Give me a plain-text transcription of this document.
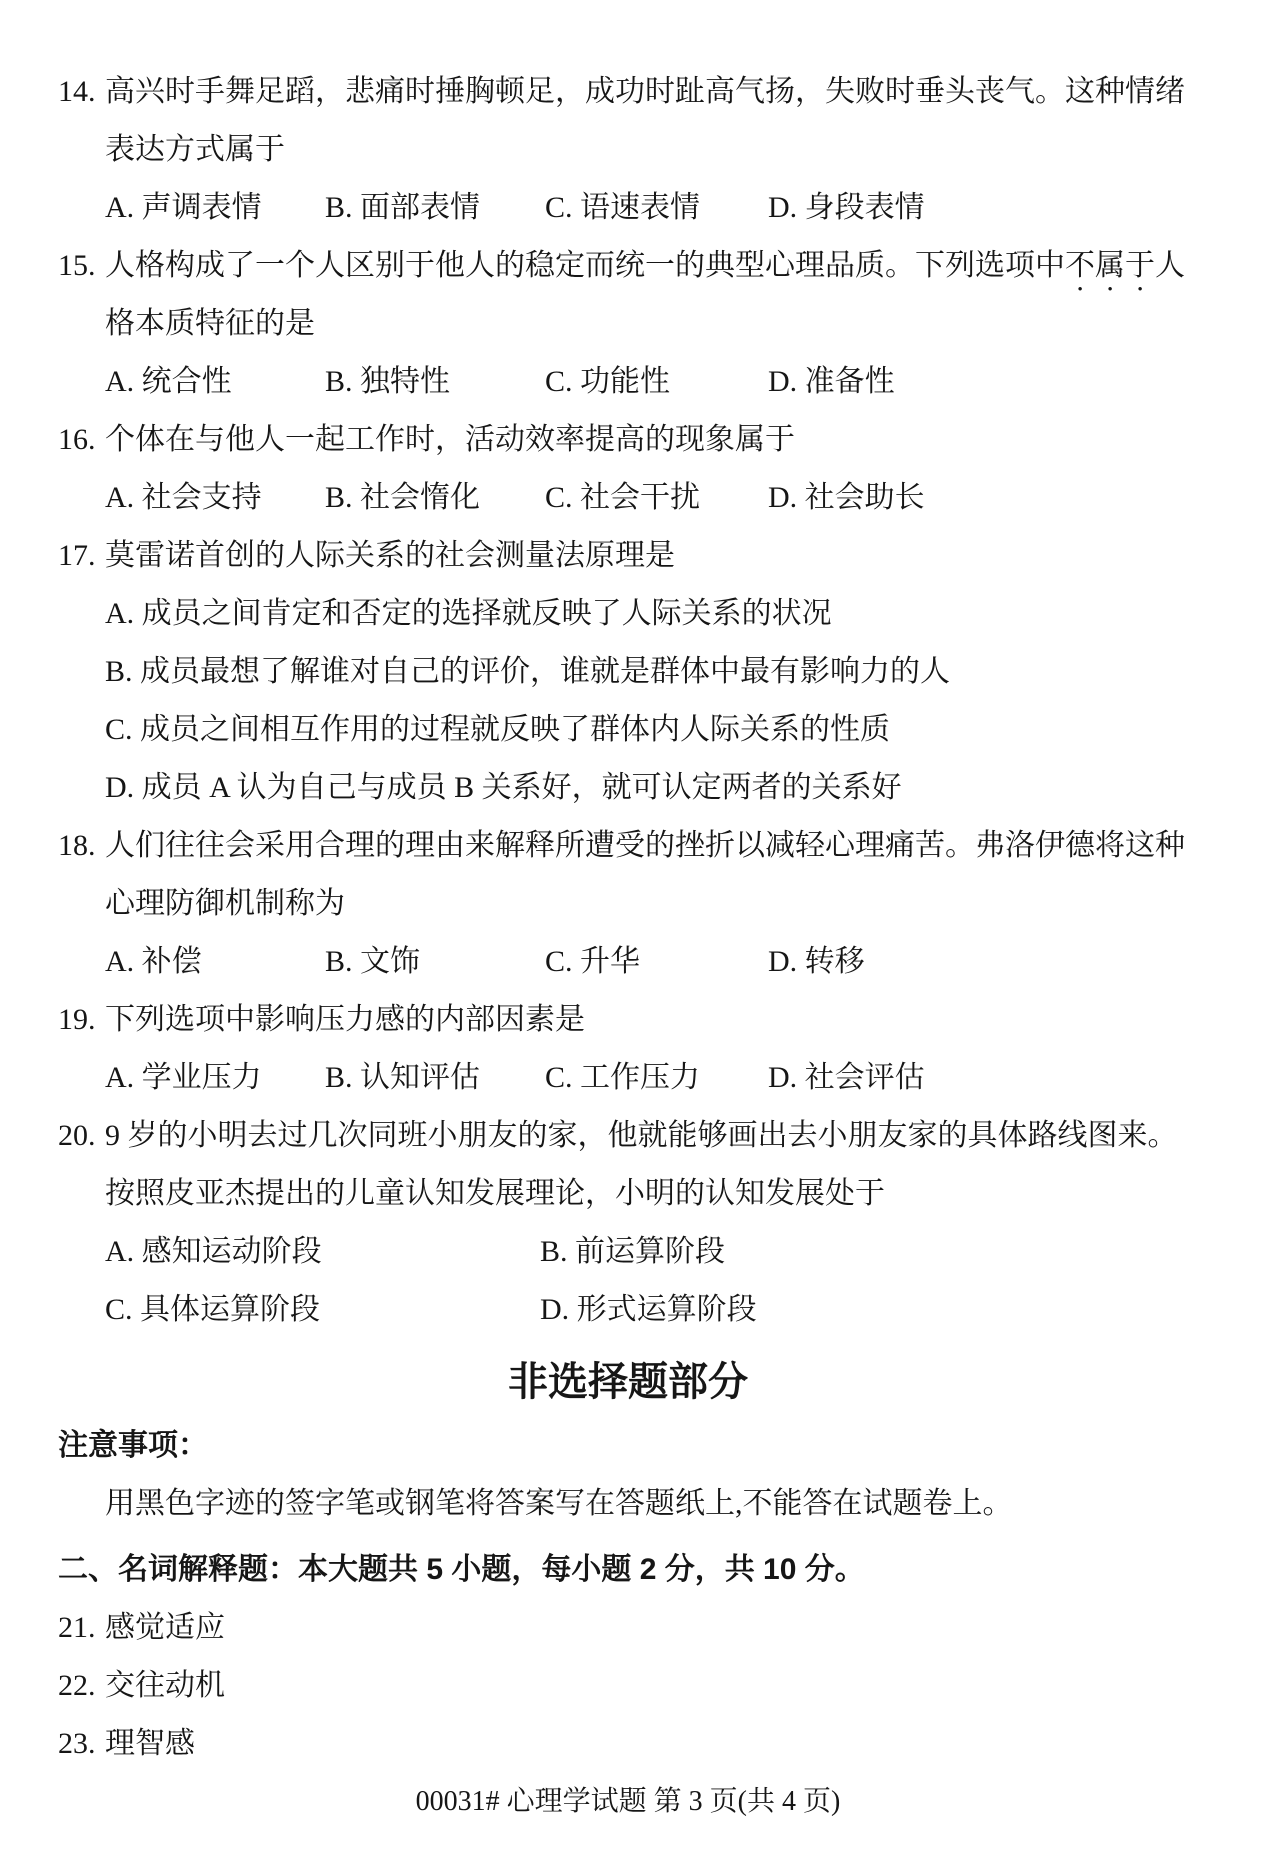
14. 高兴时手舞足蹈，悲痛时捶胸顿足，成功时趾高气扬，失败时垂头丧气。这种情绪
表达方式属于
A. 声调表情	B. 面部表情	C. 语速表情	D. 身段表情
15. 人格构成了一个人区别于他人的稳定而统一的典型心理品质。下列选项中不属于人
格本质特征的是
A. 统合性	B. 独特性	C. 功能性	D. 准备性
16. 个体在与他人一起工作时，活动效率提高的现象属于
A. 社会支持	B. 社会惰化	C. 社会干扰	D. 社会助长
17. 莫雷诺首创的人际关系的社会测量法原理是
A. 成员之间肯定和否定的选择就反映了人际关系的状况
B. 成员最想了解谁对自己的评价，谁就是群体中最有影响力的人
C. 成员之间相互作用的过程就反映了群体内人际关系的性质
D. 成员 A 认为自己与成员 B 关系好，就可认定两者的关系好
18. 人们往往会采用合理的理由来解释所遭受的挫折以减轻心理痛苦。弗洛伊德将这种
心理防御机制称为
A. 补偿	B. 文饰	C. 升华	D. 转移
19. 下列选项中影响压力感的内部因素是
A. 学业压力	B. 认知评估	C. 工作压力	D. 社会评估
20. 9 岁的小明去过几次同班小朋友的家，他就能够画出去小朋友家的具体路线图来。
按照皮亚杰提出的儿童认知发展理论，小明的认知发展处于
A. 感知运动阶段	B. 前运算阶段
C. 具体运算阶段	D. 形式运算阶段
非选择题部分
注意事项：
用黑色字迹的签字笔或钢笔将答案写在答题纸上,不能答在试题卷上。
二、名词解释题：本大题共 5 小题，每小题 2 分，共 10 分。
21. 感觉适应
22. 交往动机
23. 理智感
00031# 心理学试题 第 3 页(共 4 页)
